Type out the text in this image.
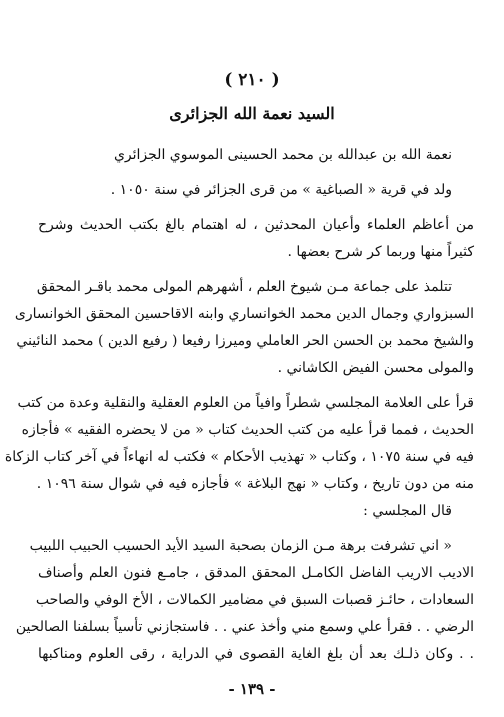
( ٢١٠ )
السيد نعمة الله الجزائرى
نعمة الله بن عبدالله بن محمد الحسينى الموسوي الجزائري
ولد في قرية « الصباغية » من قرى الجزائر في سنة ١٠٥٠ .
من أعاظم العلماء وأعيان المحدثين ، له اهتمام بالغ بكتب الحديث وشرح
كثيراً منها وربما كر شرح بعضها .
تتلمذ على جماعة مـن شيوخ العلم ، أشهرهم المولى محمد باقـر المحقق
السبزواري وجمال الدين محمد الخوانساري وابنه الاقاحسين المحقق الخوانسارى
والشيخ محمد بن الحسن الحر العاملي وميرزا رفيعا ( رفيع الدين ) محمد النائيني
والمولى محسن الفيض الكاشاني .
قرأ على العلامة المجلسي شطراً وافياً من العلوم العقلية والنقلية وعدة من كتب
الحديث ، فمما قرأ عليه من كتب الحديث كتاب « من لا يحضره الفقيه » فأجازه
فيه في سنة ١٠٧٥ ، وكتاب « تهذيب الأحكام » فكتب له انهاءاً في آخر كتاب الزكاة
منه من دون تاريخ ، وكتاب « نهج البلاغة » فأجازه فيه في شوال سنة ١٠٩٦ .
قال المجلسي :
« اني تشرفت برهة مـن الزمان بصحبة السيد الأيد الحسيب الحبيب اللبيب
الاديب الاريب الفاضل الكامـل المحقق المدقق ، جامـع فنون العلم وأصناف
السعادات ، حائـز قصبات السبق في مضامير الكمالات ، الأخ الوفي والصاحب
الرضي . . فقرأ علي وسمع مني وأخذ عني . . فاستجازني تأسياً بسلفنا الصالحين
. . وكان ذلـك بعد أن بلغ الغاية القصوى في الدراية ، رقى العلوم ومناكبها
- ١٣٩ -
